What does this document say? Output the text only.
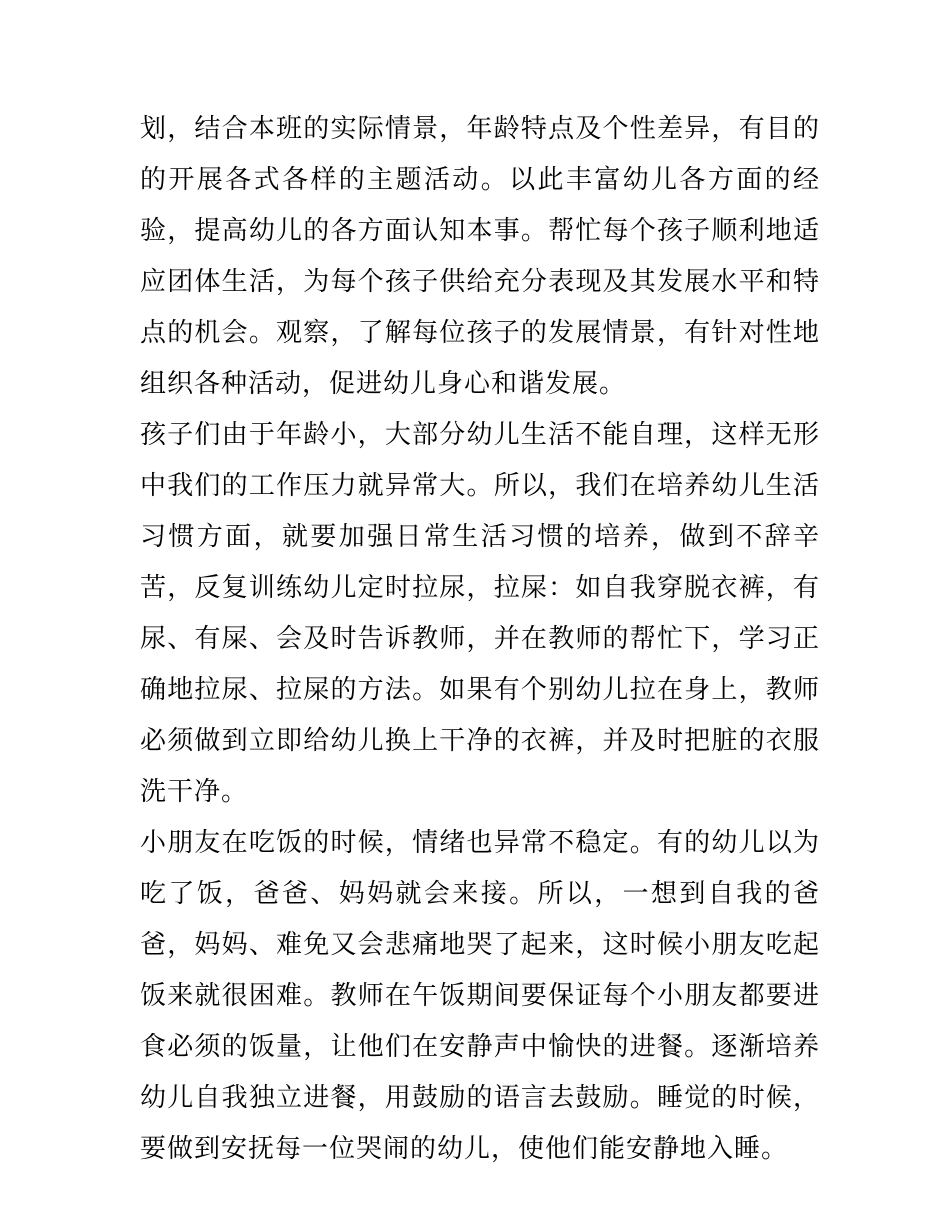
划，结合本班的实际情景，年龄特点及个性差异，有目的的开展各式各样的主题活动。以此丰富幼儿各方面的经验，提高幼儿的各方面认知本事。帮忙每个孩子顺利地适应团体生活，为每个孩子供给充分表现及其发展水平和特点的机会。观察，了解每位孩子的发展情景，有针对性地组织各种活动，促进幼儿身心和谐发展。

孩子们由于年龄小，大部分幼儿生活不能自理，这样无形中我们的工作压力就异常大。所以，我们在培养幼儿生活习惯方面，就要加强日常生活习惯的培养，做到不辞辛苦，反复训练幼儿定时拉尿，拉屎：如自我穿脱衣裤，有尿、有屎、会及时告诉教师，并在教师的帮忙下，学习正确地拉尿、拉屎的方法。如果有个别幼儿拉在身上，教师必须做到立即给幼儿换上干净的衣裤，并及时把脏的衣服洗干净。

小朋友在吃饭的时候，情绪也异常不稳定。有的幼儿以为吃了饭，爸爸、妈妈就会来接。所以，一想到自我的爸爸，妈妈、难免又会悲痛地哭了起来，这时候小朋友吃起饭来就很困难。教师在午饭期间要保证每个小朋友都要进食必须的饭量，让他们在安静声中愉快的进餐。逐渐培养幼儿自我独立进餐，用鼓励的语言去鼓励。睡觉的时候，要做到安抚每一位哭闹的幼儿，使他们能安静地入睡。
